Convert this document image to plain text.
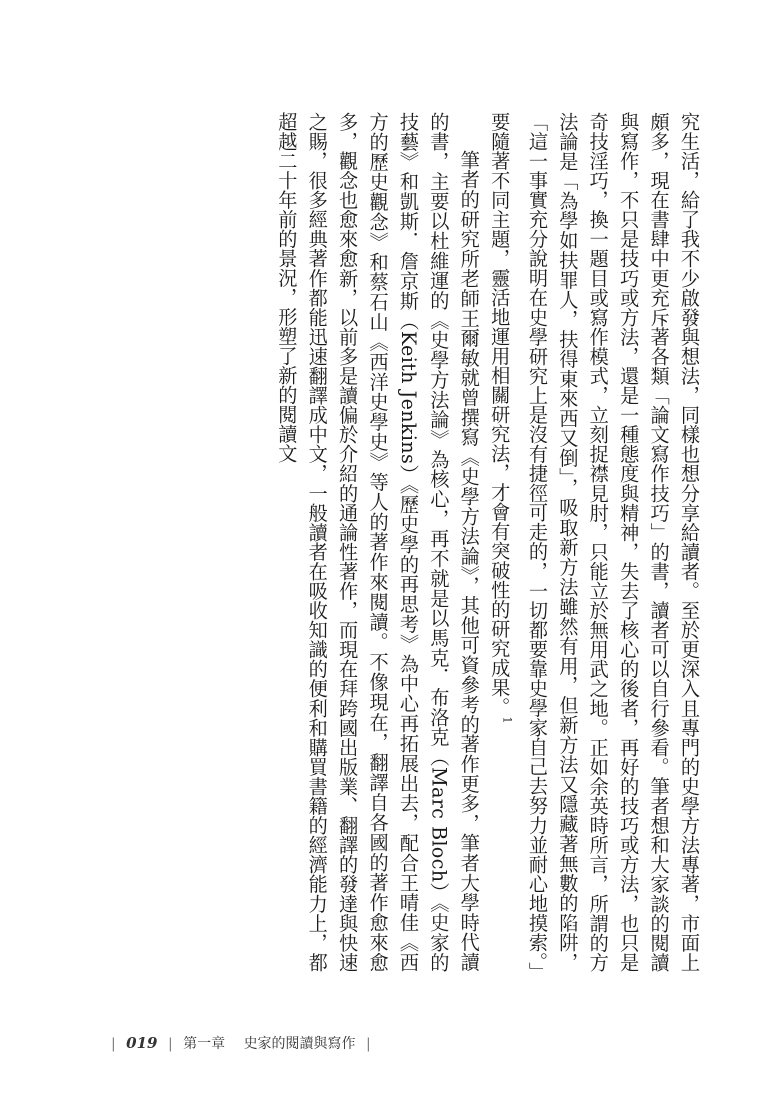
究生活，給了我不少啟發與想法，同樣也想分享給讀者。至於更深入且專門的史學方法專著，市面上頗多，現在書肆中更充斥著各類「論文寫作技巧」的書，讀者可以自行參看。筆者想和大家談的閱讀與寫作，不只是技巧或方法，還是一種態度與精神，失去了核心的後者，再好的技巧或方法，也只是奇技淫巧，換一題目或寫作模式，立刻捉襟見肘，只能立於無用武之地。正如余英時所言，所謂的方法論是「為學如扶罪人，扶得東來西又倒」，吸取新方法雖然有用，但新方法又隱藏著無數的陷阱，「這一事實充分說明在史學研究上是沒有捷徑可走的，一切都要靠史學家自己去努力並耐心地摸索。」要隨著不同主題，靈活地運用相關研究法，才會有突破性的研究成果。$^1$

筆者的研究所老師王爾敏就曾撰寫《史學方法論》，其他可資參考的著作更多，筆者大學時代讀的書，主要以杜維運的《史學方法論》為核心，再不就是以馬克．布洛克（Marc Bloch）《史家的技藝》和凱斯．詹京斯（Keith Jenkins）《歷史學的再思考》為中心再拓展出去，配合王晴佳《西方的歷史觀念》和蔡石山《西洋史學史》等人的著作來閱讀。不像現在，翻譯自各國的著作愈來愈多，觀念也愈來愈新，以前多是讀偏於介紹的通論性著作，而現在拜跨國出版業、翻譯的發達與快速之賜，很多經典著作都能迅速翻譯成中文，一般讀者在吸收知識的便利和購買書籍的經濟能力上，都超越二十年前的景況，形塑了新的閱讀文

| 019 | 第一章 史家的閱讀與寫作 |
